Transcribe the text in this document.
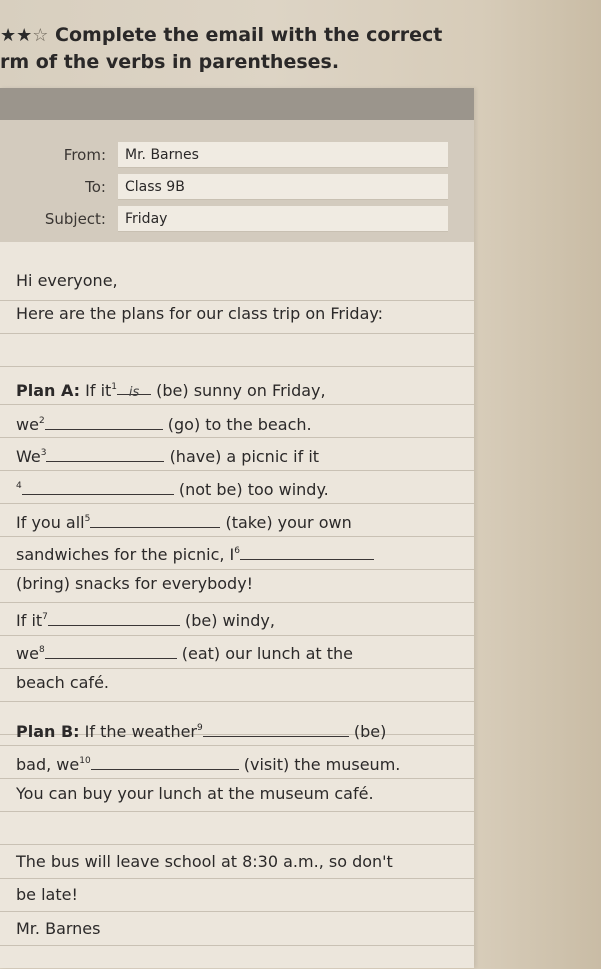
★★☆ Complete the email with the correct
rm of the verbs in parentheses.
From:	Mr. Barnes
To:	Class 9B
Subject:	Friday
Hi everyone,
Here are the plans for our class trip on Friday:
Plan A: If $it^1$ is (be) sunny on Friday,
$we^2$	(go) to the beach.
We$^3$	(have) a picnic if it
$^4$	(not be) too windy.
If you all$^5$	(take) your own
sandwiches for the picnic, $I^6$
(bring) snacks for everybody!
If $it^7$	(be) windy,
$we^8$	(eat) our lunch at the
beach café.
Plan B: If the weather$^9$	(be)
bad, $we^{10}$	(visit) the museum.
You can buy your lunch at the museum café.
The bus will leave school at 8:30 a.m., so don't
be late!
Mr. Barnes
